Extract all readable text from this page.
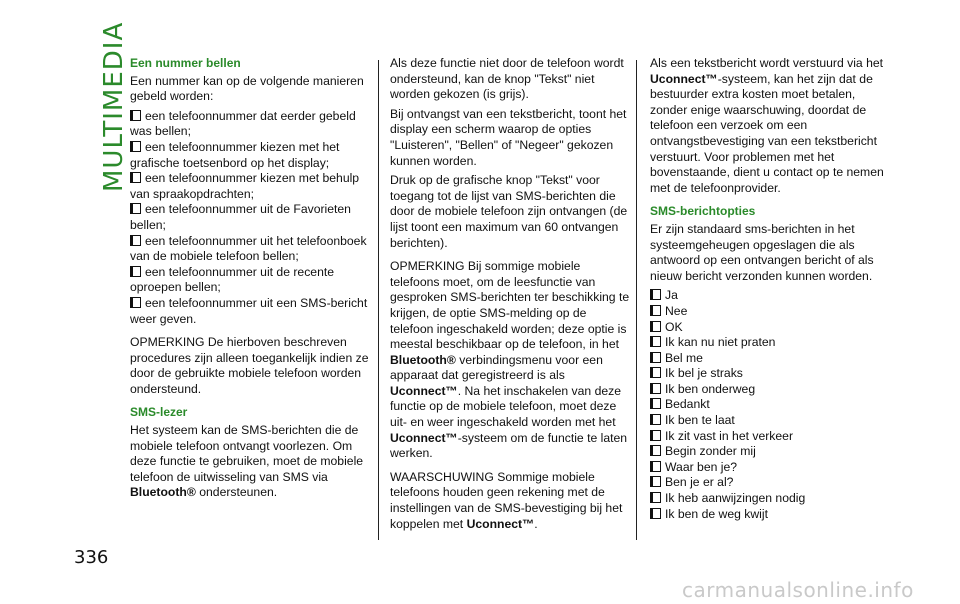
MULTIMEDIA Een nummer bellen

Een nummer kan op de volgende manieren gebeld worden:

een telefoonnummer dat eerder gebeld was bellen;

een telefoonnummer kiezen met het grafische toetsenbord op het display;

een telefoonnummer kiezen met behulp van spraakopdrachten;

een telefoonnummer uit de Favorieten bellen;

een telefoonnummer uit het telefoonboek van de mobiele telefoon bellen;

een telefoonnummer uit de recente oproepen bellen;

een telefoonnummer uit een SMS-bericht weer geven.

OPMERKING De hierboven beschreven procedures zijn alleen toegankelijk indien ze door de gebruikte mobiele telefoon worden ondersteund.

SMS-lezer

Het systeem kan de SMS-berichten die de mobiele telefoon ontvangt voorlezen. Om deze functie te gebruiken, moet de mobiele telefoon de uitwisseling van SMS via Bluetooth® ondersteunen.

Als deze functie niet door de telefoon wordt ondersteund, kan de knop "Tekst" niet worden gekozen (is grijs).

Bij ontvangst van een tekstbericht, toont het display een scherm waarop de opties "Luisteren", "Bellen" of "Negeer" gekozen kunnen worden.

Druk op de grafische knop "Tekst" voor toegang tot de lijst van SMS-berichten die door de mobiele telefoon zijn ontvangen (de lijst toont een maximum van 60 ontvangen berichten).

OPMERKING Bij sommige mobiele telefoons moet, om de leesfunctie van gesproken SMS-berichten ter beschikking te krijgen, de optie SMS-melding op de telefoon ingeschakeld worden; deze optie is meestal beschikbaar op de telefoon, in het Bluetooth® verbindingsmenu voor een apparaat dat geregistreerd is als Uconnect™. Na het inschakelen van deze functie op de mobiele telefoon, moet deze uit- en weer ingeschakeld worden met het Uconnect™-systeem om de functie te laten werken.

WAARSCHUWING Sommige mobiele telefoons houden geen rekening met de instellingen van de SMS-bevestiging bij het koppelen met Uconnect™.

Als een tekstbericht wordt verstuurd via het Uconnect™-systeem, kan het zijn dat de bestuurder extra kosten moet betalen, zonder enige waarschuwing, doordat de telefoon een verzoek om een ontvangstbevestiging van een tekstbericht verstuurt. Voor problemen met het bovenstaande, dient u contact op te nemen met de telefoonprovider.

SMS-berichtopties

Er zijn standaard sms-berichten in het systeemgeheugen opgeslagen die als antwoord op een ontvangen bericht of als nieuw bericht verzonden kunnen worden.

Ja

Nee

OK

Ik kan nu niet praten

Bel me

Ik bel je straks

Ik ben onderweg

Bedankt

Ik ben te laat

Ik zit vast in het verkeer

Begin zonder mij

Waar ben je?

Ben je er al?

Ik heb aanwijzingen nodig

Ik ben de weg kwijt

336
carmanualsonline.info
